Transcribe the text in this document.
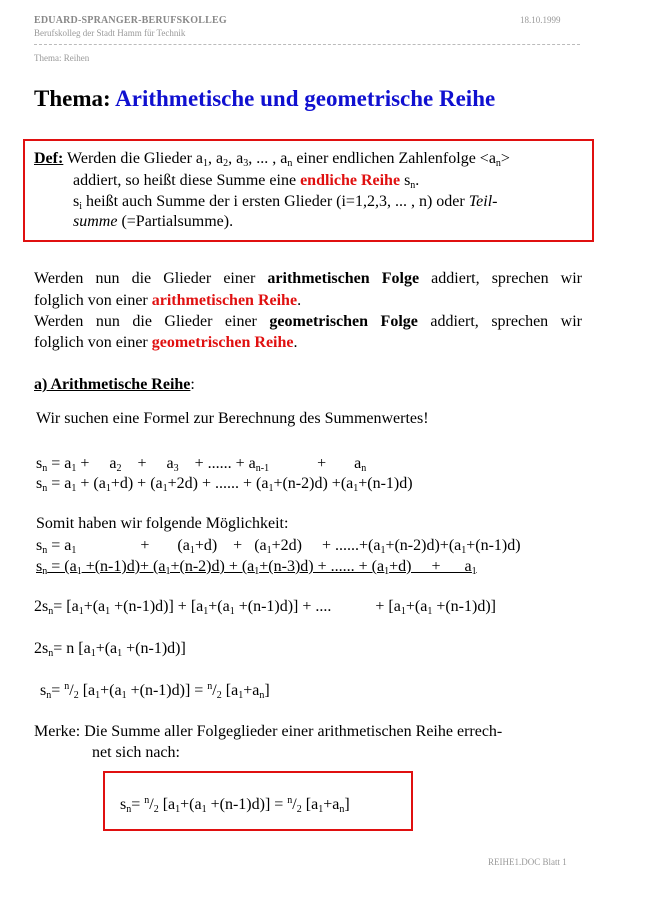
EDUARD-SPRANGER-BERUFSKOLLEG	18.10.1999
Berufskolleg der Stadt Hamm für Technik
Thema: Reihen
Thema: Arithmetische und geometrische Reihe
Def: Werden die Glieder $a_1$, $a_2$, $a_3$, ... , $a_n$ einer endlichen Zahlenfolge $<a_n>$
addiert, so heißt diese Summe eine endliche Reihe $s_n$.
$s_i$ heißt auch Summe der i ersten Glieder (i=1,2,3, ... , n) oder Teil-
summe (=Partialsumme).
Werden nun die Glieder einer arithmetischen Folge addiert, sprechen wir
folglich von einer arithmetischen Reihe.
Werden nun die Glieder einer geometrischen Folge addiert, sprechen wir
folglich von einer geometrischen Reihe.
a) Arithmetische Reihe:
Wir suchen eine Formel zur Berechnung des Summenwertes!
$s_n = a_1$ +     $a_2$    +     $a_3$    + ...... + $a_{n-1}$            +       $a_n$
$s_n = a_1 + (a_1+d) + (a_1+2d)$ + ...... + $(a_1+(n-2)d) +(a_1+(n-1)d)$
Somit haben wir folgende Möglichkeit:
$s_n = a_1$                +       $(a_1+d)$    +   $(a_1+2d)$     + $......+(a_1+(n-2)d)+(a_1+(n-1)d)$
$s_n = (a_1 +(n-1)d)+ (a_1+(n-2)d) + (a_1+(n-3)d)$ + ...... + $(a_1+d)$     +      $a_1$
$2s_n= [a_1+(a_1 +(n-1)d)] + [a_1+(a_1 +(n-1)d)]$ + ....           + $[a_1+(a_1 +(n-1)d)]$
$2s_n= n$ $[a_1+(a_1 +(n-1)d)]$
$s_n= ^n/_2$ $[a_1+(a_1 +(n-1)d)] = ^n/_2$ $[a_1+a_n]$
Merke: Die Summe aller Folgeglieder einer arithmetischen Reihe errech-
net sich nach:
$s_n= ^n/_2$ $[a_1+(a_1 +(n-1)d)] = ^n/_2$ $[a_1+a_n]$
REIHE1.DOC Blatt 1
